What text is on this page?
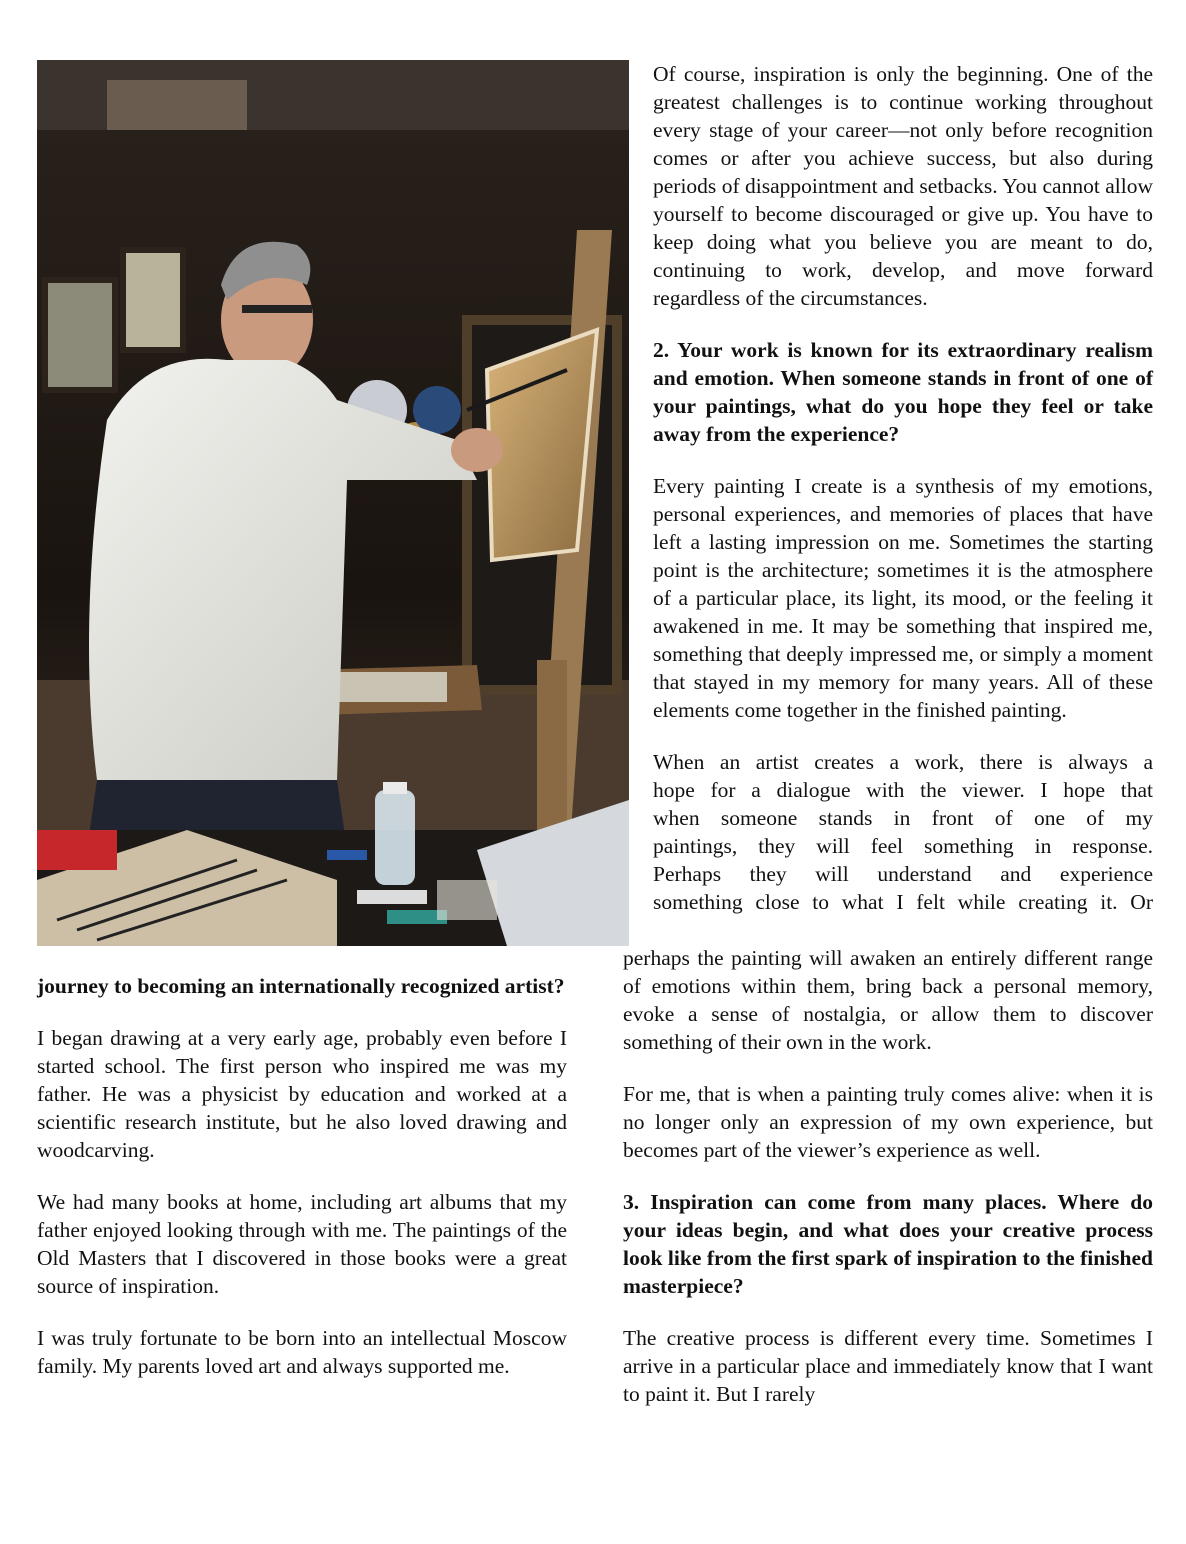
Of course, inspiration is only the beginning. One of the greatest challenges is to continue working throughout every stage of your career—not only before recognition comes or after you achieve success, but also during periods of disappointment and setbacks. You cannot allow yourself to become discouraged or give up. You have to keep doing what you believe you are meant to do, continuing to work, develop, and move forward regardless of the circumstances.

2. Your work is known for its extraordinary realism and emotion. When someone stands in front of one of your paintings, what do you hope they feel or take away from the experience?

Every painting I create is a synthesis of my emotions, personal experiences, and memories of places that have left a lasting impression on me. Sometimes the starting point is the architecture; sometimes it is the atmosphere of a particular place, its light, its mood, or the feeling it awakened in me. It may be something that inspired me, something that deeply impressed me, or simply a moment that stayed in my memory for many years. All of these elements come together in the finished painting.

When an artist creates a work, there is always a
hope for a dialogue with the viewer. I hope that
when someone stands in front of one of my
paintings, they will feel something in response.
Perhaps they will understand and experience
something close to what I felt while creating it. Or

perhaps the painting will awaken an entirely different range of emotions within them, bring back a personal memory, evoke a sense of nostalgia, or allow them to discover something of their own in the work.

For me, that is when a painting truly comes alive: when it is no longer only an expression of my own experience, but becomes part of the viewer’s experience as well.

3. Inspiration can come from many places. Where do your ideas begin, and what does your creative process look like from the first spark of inspiration to the finished masterpiece?

The creative process is different every time. Sometimes I arrive in a particular place and immediately know that I want to paint it. But I rarely

journey to becoming an internationally recognized artist?

I began drawing at a very early age, probably even before I started school. The first person who inspired me was my father. He was a physicist by education and worked at a scientific research institute, but he also loved drawing and woodcarving.

We had many books at home, including art albums that my father enjoyed looking through with me. The paintings of the Old Masters that I discovered in those books were a great source of inspiration.

I was truly fortunate to be born into an intellectual Moscow family. My parents loved art and always supported me.
